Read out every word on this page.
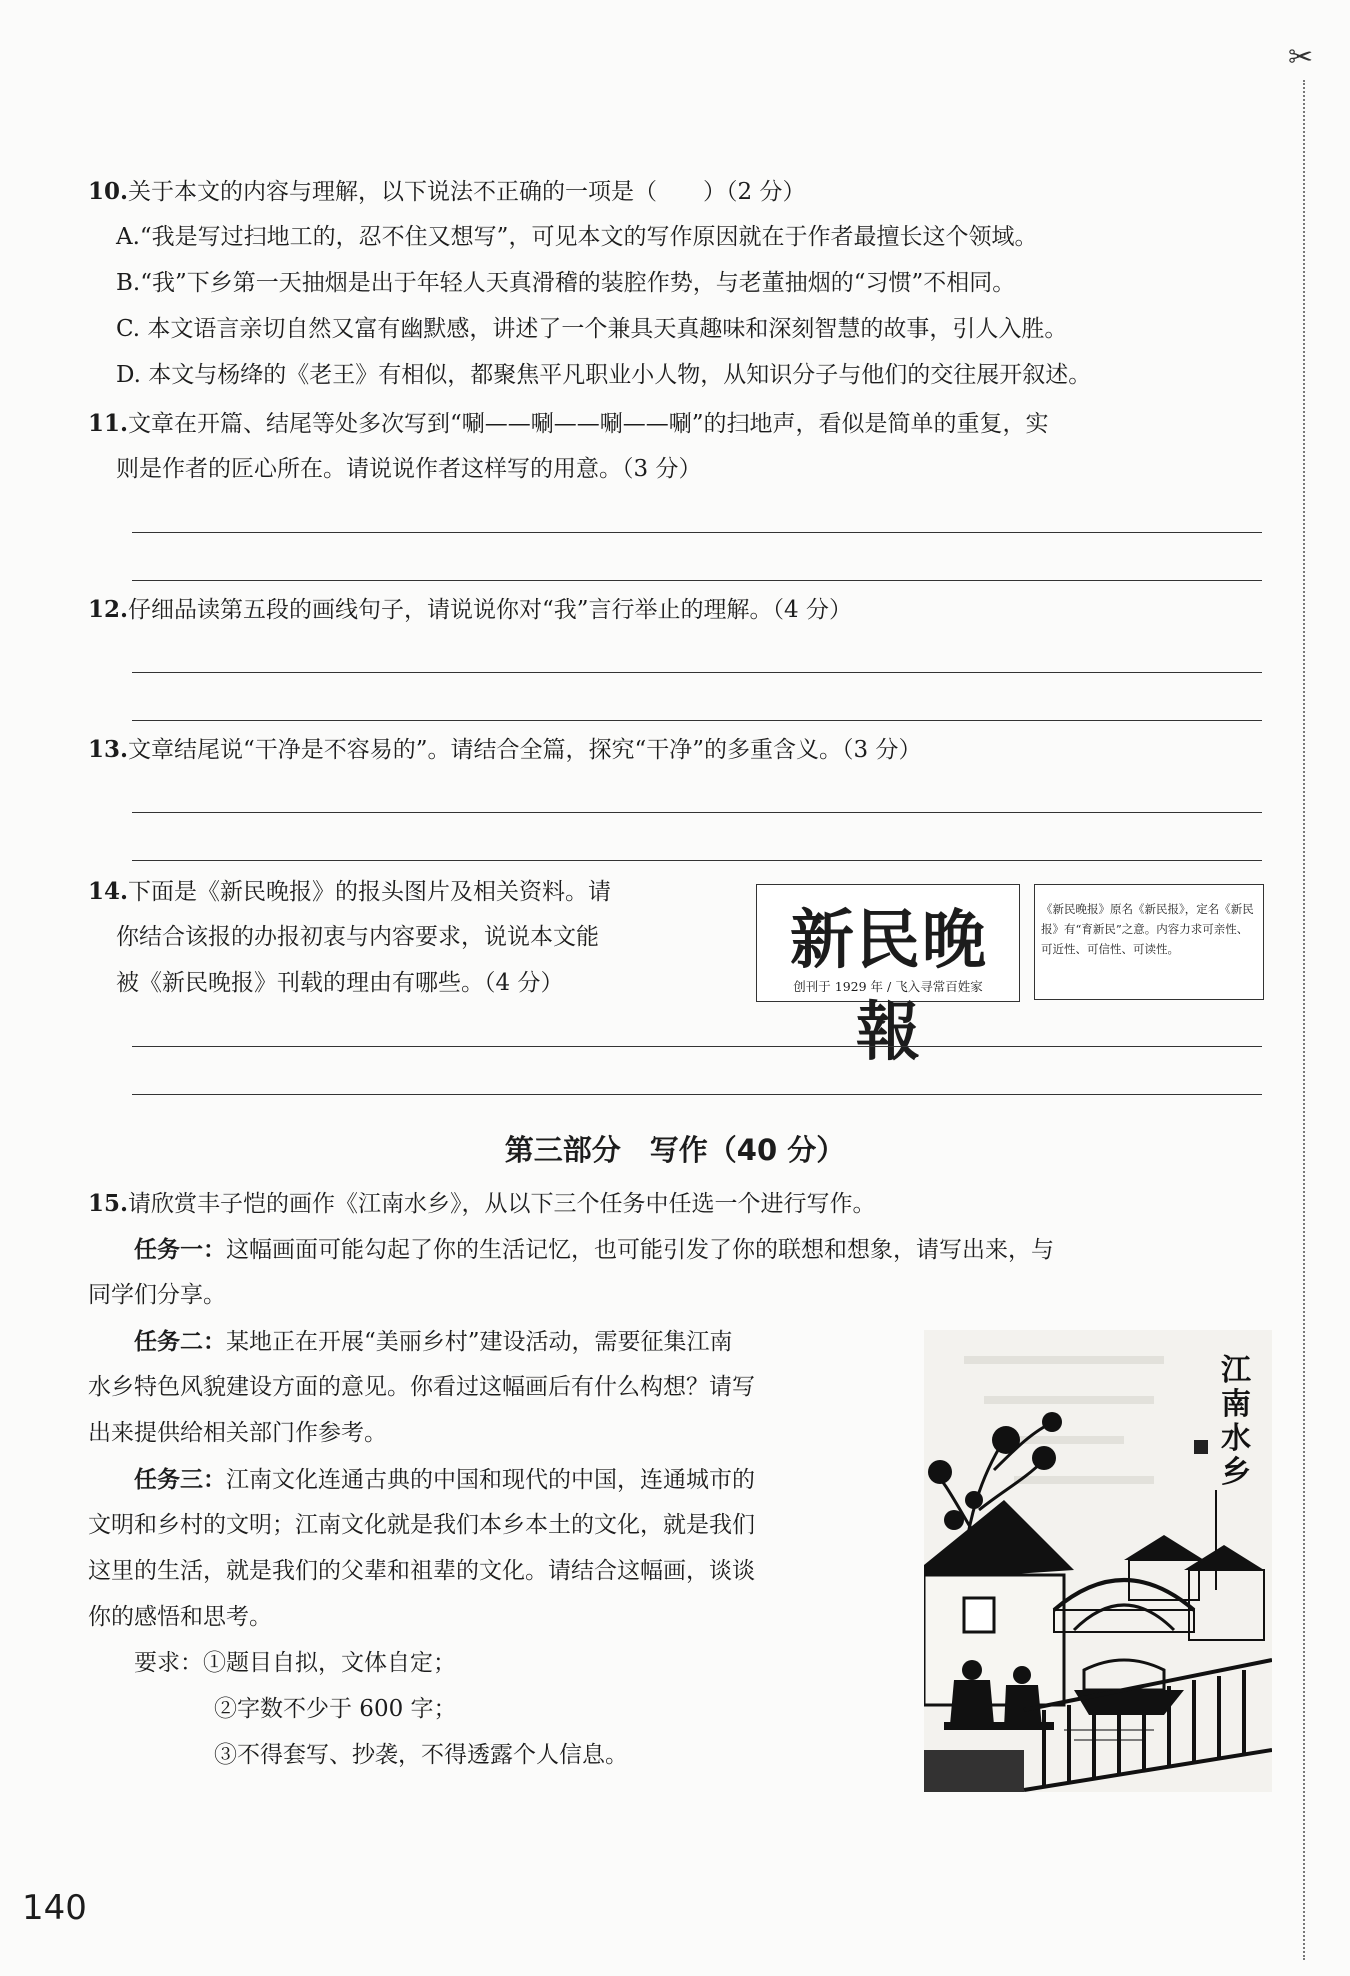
✂
10.关于本文的内容与理解，以下说法不正确的一项是（　　）（2 分）
A.“我是写过扫地工的，忍不住又想写”，可见本文的写作原因就在于作者最擅长这个领域。
B.“我”下乡第一天抽烟是出于年轻人天真滑稽的装腔作势，与老董抽烟的“习惯”不相同。
C. 本文语言亲切自然又富有幽默感，讲述了一个兼具天真趣味和深刻智慧的故事，引人入胜。
D. 本文与杨绛的《老王》有相似，都聚焦平凡职业小人物，从知识分子与他们的交往展开叙述。
11.文章在开篇、结尾等处多次写到“唰——唰——唰——唰”的扫地声，看似是简单的重复，实
则是作者的匠心所在。请说说作者这样写的用意。（3 分）
12.仔细品读第五段的画线句子，请说说你对“我”言行举止的理解。（4 分）
13.文章结尾说“干净是不容易的”。请结合全篇，探究“干净”的多重含义。（3 分）
14.下面是《新民晚报》的报头图片及相关资料。请
你结合该报的办报初衷与内容要求，说说本文能
被《新民晚报》刊载的理由有哪些。（4 分）
新民晚報
创刊于 1929 年 / 飞入寻常百姓家
《新民晚报》原名《新民报》，定名《新民报》有“育新民”之意。内容力求可亲性、可近性、可信性、可读性。
第三部分　写作（40 分）
15.请欣赏丰子恺的画作《江南水乡》，从以下三个任务中任选一个进行写作。
任务一：这幅画面可能勾起了你的生活记忆，也可能引发了你的联想和想象，请写出来，与
同学们分享。
任务二：某地正在开展“美丽乡村”建设活动，需要征集江南
水乡特色风貌建设方面的意见。你看过这幅画后有什么构想？请写
出来提供给相关部门作参考。
任务三：江南文化连通古典的中国和现代的中国，连通城市的
文明和乡村的文明；江南文化就是我们本乡本土的文化，就是我们
这里的生活，就是我们的父辈和祖辈的文化。请结合这幅画，谈谈
你的感悟和思考。
要求：①题目自拟，文体自定；
②字数不少于 600 字；
③不得套写、抄袭，不得透露个人信息。
江
南
水
乡
140
